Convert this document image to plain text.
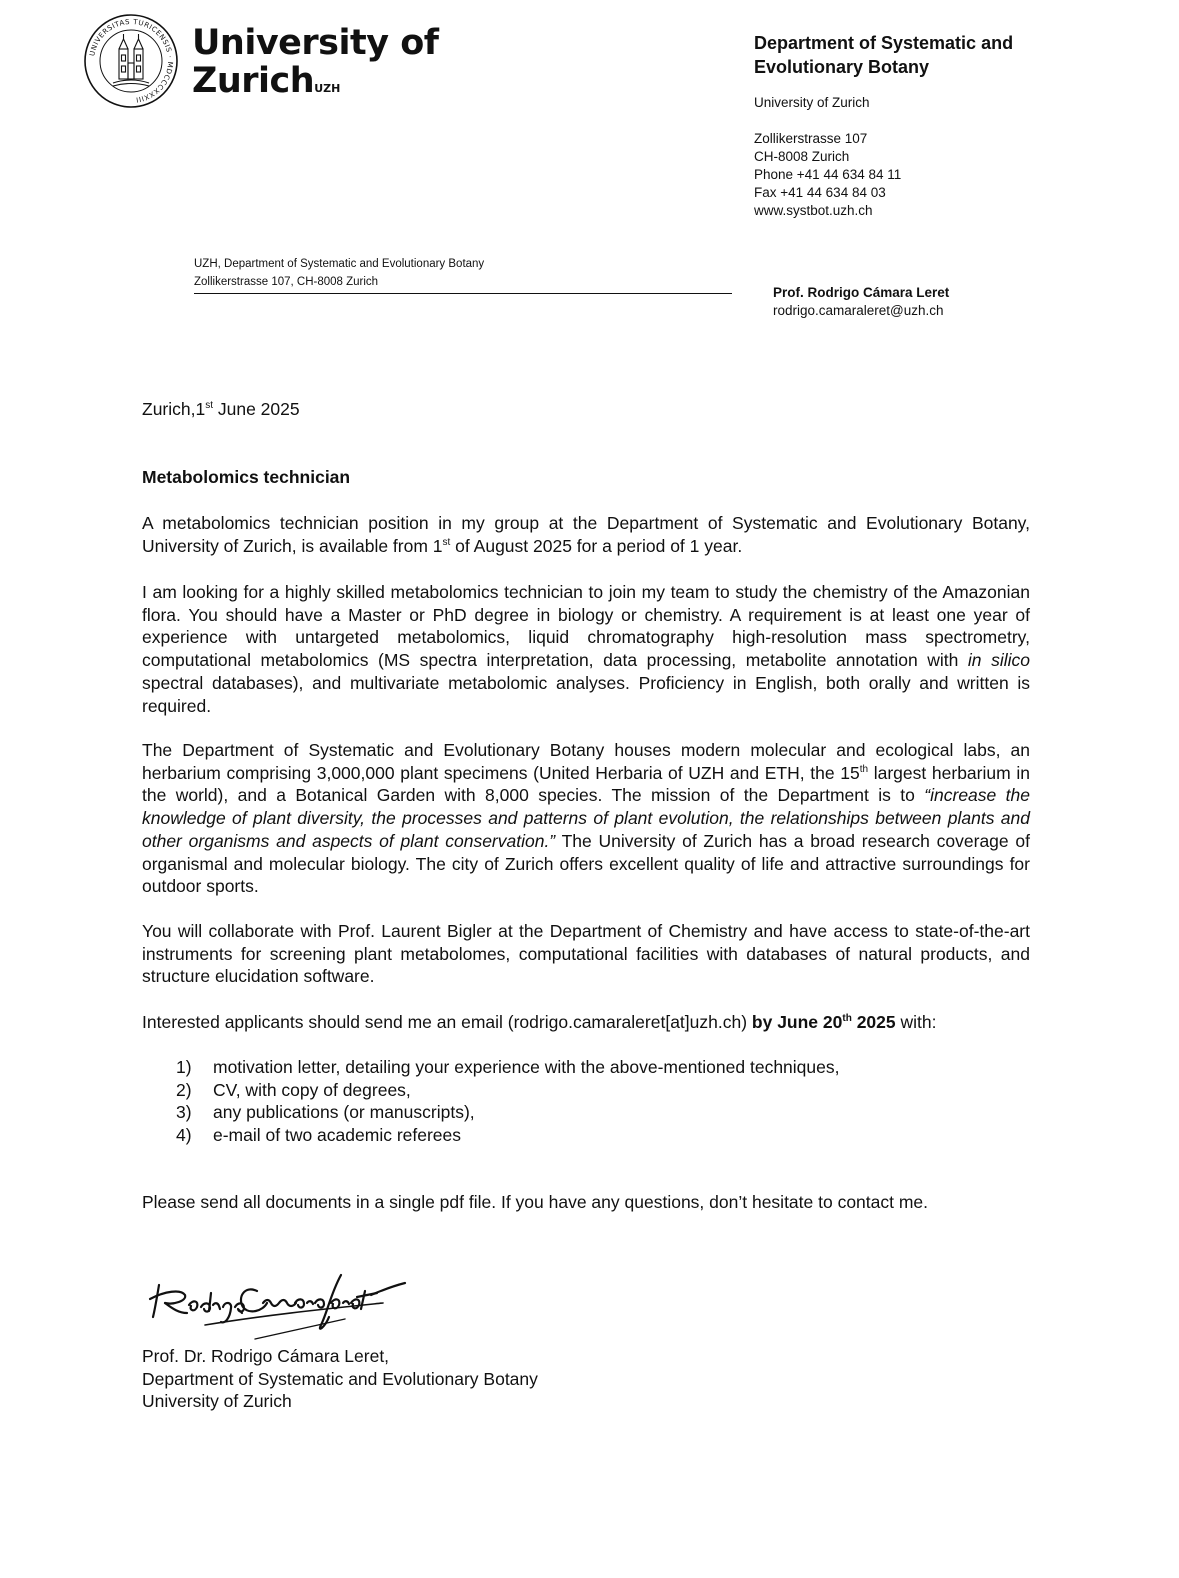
UNIVERSITAS TURICENSIS · MDCCCXXXIII
University of
Zurich$^{UZH}$
Department of Systematic and
Evolutionary Botany
University of Zurich
Zollikerstrasse 107
CH-8008 Zurich
Phone +41 44 634 84 11
Fax +41 44 634 84 03
www.systbot.uzh.ch
UZH, Department of Systematic and Evolutionary Botany
Zollikerstrasse 107, CH-8008 Zurich
Prof. Rodrigo Cámara Leret
rodrigo.camaraleret@uzh.ch
Zurich,1st June 2025
Metabolomics technician
A metabolomics technician position in my group at the Department of Systematic and Evolutionary Botany, University of Zurich, is available from 1st of August 2025 for a period of 1 year.
I am looking for a highly skilled metabolomics technician to join my team to study the chemistry of the Amazonian flora. You should have a Master or PhD degree in biology or chemistry. A requirement is at least one year of experience with untargeted metabolomics, liquid chromatography high-resolution mass spectrometry, computational metabolomics (MS spectra interpretation, data processing, metabolite annotation with in silico spectral databases), and multivariate metabolomic analyses. Proficiency in English, both orally and written is required.
The Department of Systematic and Evolutionary Botany houses modern molecular and ecological labs, an herbarium comprising 3,000,000 plant specimens (United Herbaria of UZH and ETH, the 15th largest herbarium in the world), and a Botanical Garden with 8,000 species. The mission of the Department is to “increase the knowledge of plant diversity, the processes and patterns of plant evolution, the relationships between plants and other organisms and aspects of plant conservation.” The University of Zurich has a broad research coverage of organismal and molecular biology. The city of Zurich offers excellent quality of life and attractive surroundings for outdoor sports.
You will collaborate with Prof. Laurent Bigler at the Department of Chemistry and have access to state-of-the-art instruments for screening plant metabolomes, computational facilities with databases of natural products, and structure elucidation software.
Interested applicants should send me an email (rodrigo.camaraleret[at]uzh.ch) by June 20th 2025 with:
1)	motivation letter, detailing your experience with the above-mentioned techniques,
2)	CV, with copy of degrees,
3)	any publications (or manuscripts),
4)	e-mail of two academic referees
Please send all documents in a single pdf file. If you have any questions, don’t hesitate to contact me.
Prof. Dr. Rodrigo Cámara Leret,
Department of Systematic and Evolutionary Botany
University of Zurich
